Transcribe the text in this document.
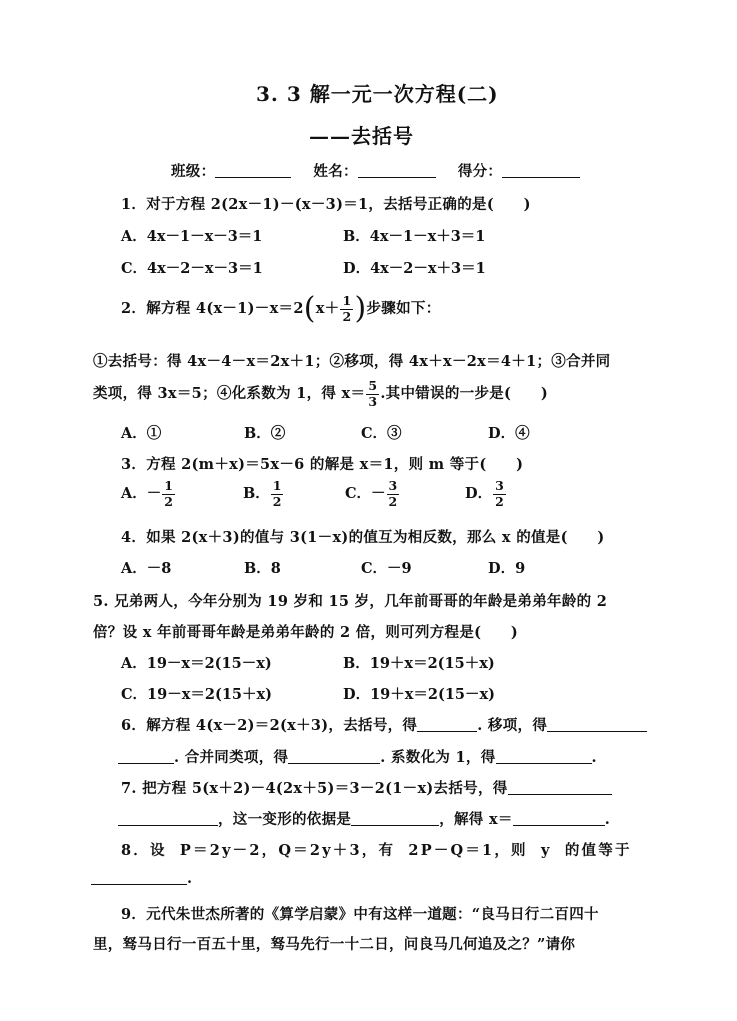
3. 3 解一元一次方程(二)
——去括号
班级：	姓名：	得分：
1．对于方程 2(2x－1)－(x－3)＝1，去括号正确的是(　　)
A．4x－1－x－3＝1	B．4x－1－x＋3＝1
C．4x－2－x－3＝1	D．4x－2－x＋3＝1
2．解方程 $4(x-1)-x=2(x+ \frac{1}{2}$ )步骤如下：
①去括号：得 4x－4－x＝2x＋1；②移项，得 4x＋x－2x＝4＋1；③合并同
类项，得 3x＝5；④化系数为 1，得 $x= \frac{5}{3}$ .其中错误的一步是(　　)
A．①	B．②	C．③	D．④
3．方程 2(m＋x)＝5x－6 的解是 x＝1，则 m 等于(　　)
A．－ $\frac{1}{2}$	B． $\frac{1}{2}$	C．－ $\frac{3}{2}$	D． $\frac{3}{2}$
4．如果 2(x＋3)的值与 3(1－x)的值互为相反数，那么 x 的值是(　　)
A．－8	B．8	C．－9	D．9
5. 兄弟两人，今年分别为 19 岁和 15 岁，几年前哥哥的年龄是弟弟年龄的 2
倍？设 x 年前哥哥年龄是弟弟年龄的 2 倍，则可列方程是(　　)
A．19－x＝2(15－x)	B．19＋x＝2(15＋x)
C．19－x＝2(15＋x)	D．19＋x＝2(15－x)
6．解方程 4(x－2)＝2(x＋3)，去括号，得	. 移项，得
. 合并同类项，得	. 系数化为 1，得	.
7. 把方程 5(x＋2)－4(2x＋5)＝3－2(1－x)去括号，得
，这一变形的依据是	，解得 x＝	.
8．设 P＝2y－2，Q＝2y＋3，有 2P－Q＝1，则 y 的值等于
.
9．元代朱世杰所著的《算学启蒙》中有这样一道题：“良马日行二百四十
里，驽马日行一百五十里，驽马先行一十二日，问良马几何追及之？”请你
